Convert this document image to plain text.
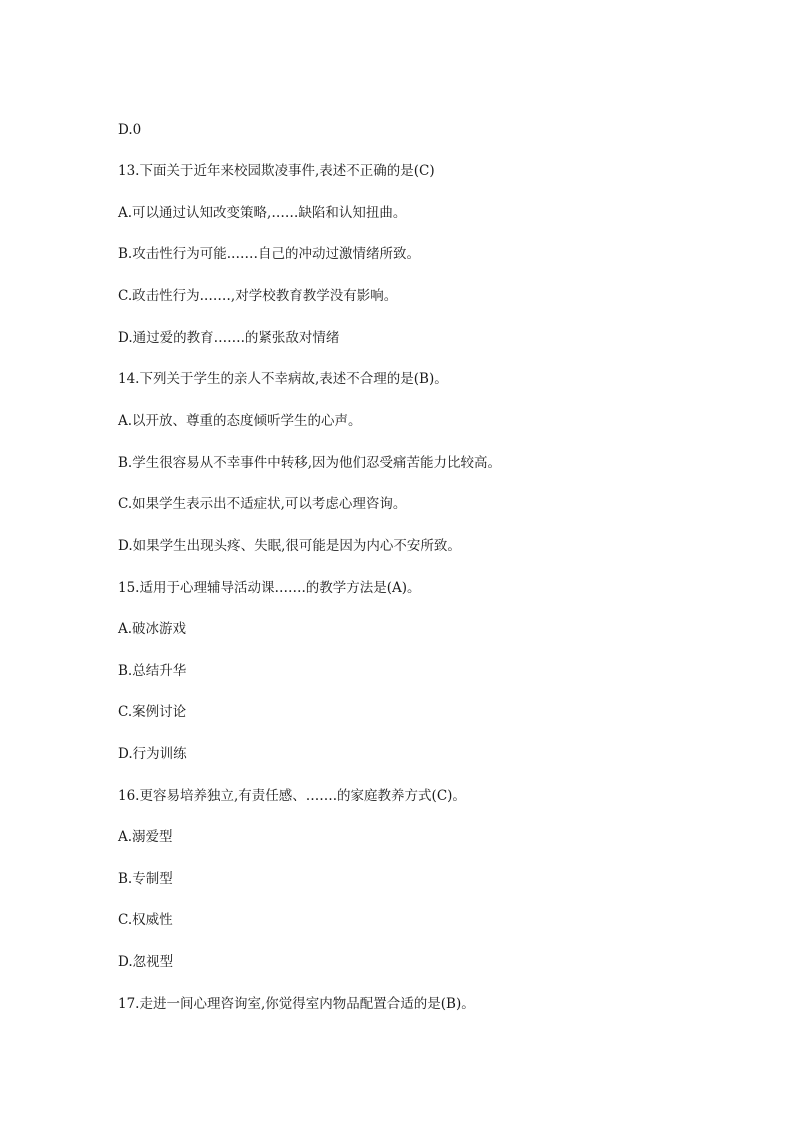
D.0
13.下面关于近年来校园欺凌事件,表述不正确的是(C)
A.可以通过认知改变策略,……缺陷和认知扭曲。
B.攻击性行为可能.……自己的冲动过激情绪所致。
C.政击性行为.……,对学校教育教学没有影响。
D.通过爱的教育…….的紧张敌对情绪
14.下列关于学生的亲人不幸病故,表述不合理的是(B)。
A.以开放、尊重的态度倾听学生的心声。
B.学生很容易从不幸事件中转移,因为他们忍受痛苦能力比较高。
C.如果学生表示出不适症状,可以考虑心理咨询。
D.如果学生出现头疼、失眠,很可能是因为内心不安所致。
15.适用于心理辅导活动课…….的教学方法是(A)。
A.破冰游戏
B.总结升华
C.案例讨论
D.行为训练
16.更容易培养独立,有责任感、…….的家庭教养方式(C)。
A.溺爱型
B.专制型
C.权威性
D.忽视型
17.走进一间心理咨询室,你觉得室内物品配置合适的是(B)。
